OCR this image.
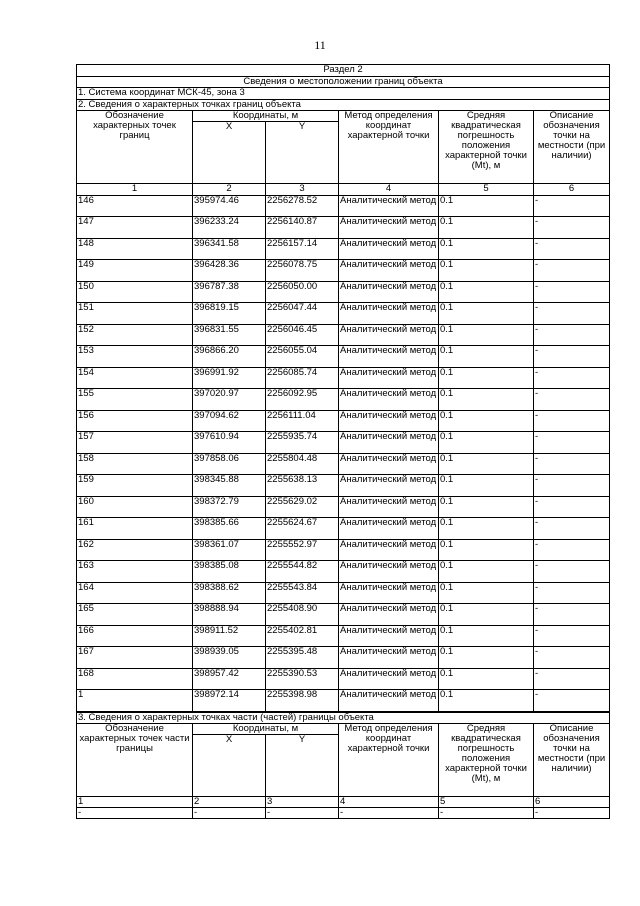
11
Раздел 2					
Сведения о местоположении границ объекта					
1. Система координат МСК-45, зона 3					
2. Сведения о характерных точках границ объекта					
Обозначение характерных точек границ	Координаты, м		Метод определения координат характерной точки	Средняя квадратическая погрешность положения характерной точки (Mt), м	Описание обозначения точки на местности (при наличии)
	X	Y			
1	2	3	4	5	6
146	395974.46	2256278.52	Аналитический метод	0.1	-
147	396233.24	2256140.87	Аналитический метод	0.1	-
148	396341.58	2256157.14	Аналитический метод	0.1	-
149	396428.36	2256078.75	Аналитический метод	0.1	-
150	396787.38	2256050.00	Аналитический метод	0.1	-
151	396819.15	2256047.44	Аналитический метод	0.1	-
152	396831.55	2256046.45	Аналитический метод	0.1	-
153	396866.20	2256055.04	Аналитический метод	0.1	-
154	396991.92	2256085.74	Аналитический метод	0.1	-
155	397020.97	2256092.95	Аналитический метод	0.1	-
156	397094.62	2256111.04	Аналитический метод	0.1	-
157	397610.94	2255935.74	Аналитический метод	0.1	-
158	397858.06	2255804.48	Аналитический метод	0.1	-
159	398345.88	2255638.13	Аналитический метод	0.1	-
160	398372.79	2255629.02	Аналитический метод	0.1	-
161	398385.66	2255624.67	Аналитический метод	0.1	-
162	398361.07	2255552.97	Аналитический метод	0.1	-
163	398385.08	2255544.82	Аналитический метод	0.1	-
164	398388.62	2255543.84	Аналитический метод	0.1	-
165	398888.94	2255408.90	Аналитический метод	0.1	-
166	398911.52	2255402.81	Аналитический метод	0.1	-
167	398939.05	2255395.48	Аналитический метод	0.1	-
168	398957.42	2255390.53	Аналитический метод	0.1	-
1	398972.14	2255398.98	Аналитический метод	0.1	-
3. Сведения о характерных точках части (частей) границы объекта					
Обозначение характерных точек части границы	Координаты, м		Метод определения координат характерной точки	Средняя квадратическая погрешность положения характерной точки (Mt), м	Описание обозначения точки на местности (при наличии)
	X	Y			
1	2	3	4	5	6
-	-	-	-	-	-
